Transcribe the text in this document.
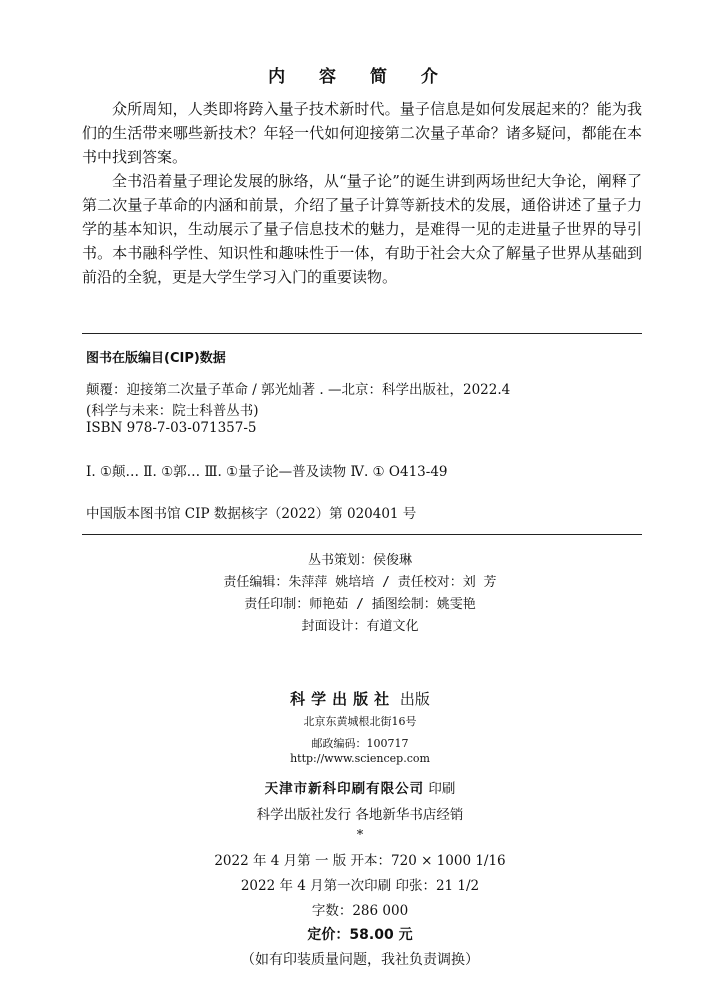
内 容 简 介

众所周知，人类即将跨入量子技术新时代。量子信息是如何发展起来的？能为我们的生活带来哪些新技术？年轻一代如何迎接第二次量子革命？诸多疑问，都能在本书中找到答案。

全书沿着量子理论发展的脉络，从“量子论”的诞生讲到两场世纪大争论，阐释了第二次量子革命的内涵和前景，介绍了量子计算等新技术的发展，通俗讲述了量子力学的基本知识，生动展示了量子信息技术的魅力，是难得一见的走进量子世界的导引书。本书融科学性、知识性和趣味性于一体，有助于社会大众了解量子世界从基础到前沿的全貌，更是大学生学习入门的重要读物。

图书在版编目(CIP)数据
颠覆：迎接第二次量子革命 / 郭光灿著 . —北京：科学出版社，2022.4
(科学与未来：院士科普丛书)
ISBN 978-7-03-071357-5
Ⅰ. ①颠… Ⅱ. ①郭… Ⅲ. ①量子论—普及读物 Ⅳ. ① O413-49
中国版本图书馆 CIP 数据核字（2022）第 020401 号
丛书策划：侯俊琳
责任编辑：朱萍萍 姚培培 / 责任校对：刘 芳
责任印制：师艳茹 / 插图绘制：姚雯艳
封面设计：有道文化
科学出版社 出版
北京东黄城根北街16号
邮政编码：100717
http://www.sciencep.com
天津市新科印刷有限公司 印刷
科学出版社发行 各地新华书店经销
*
2022 年 4 月第 一 版 开本：720 × 1000 1/16
2022 年 4 月第一次印刷 印张：21 1/2
字数：286 000
定价：58.00 元
（如有印装质量问题，我社负责调换）
